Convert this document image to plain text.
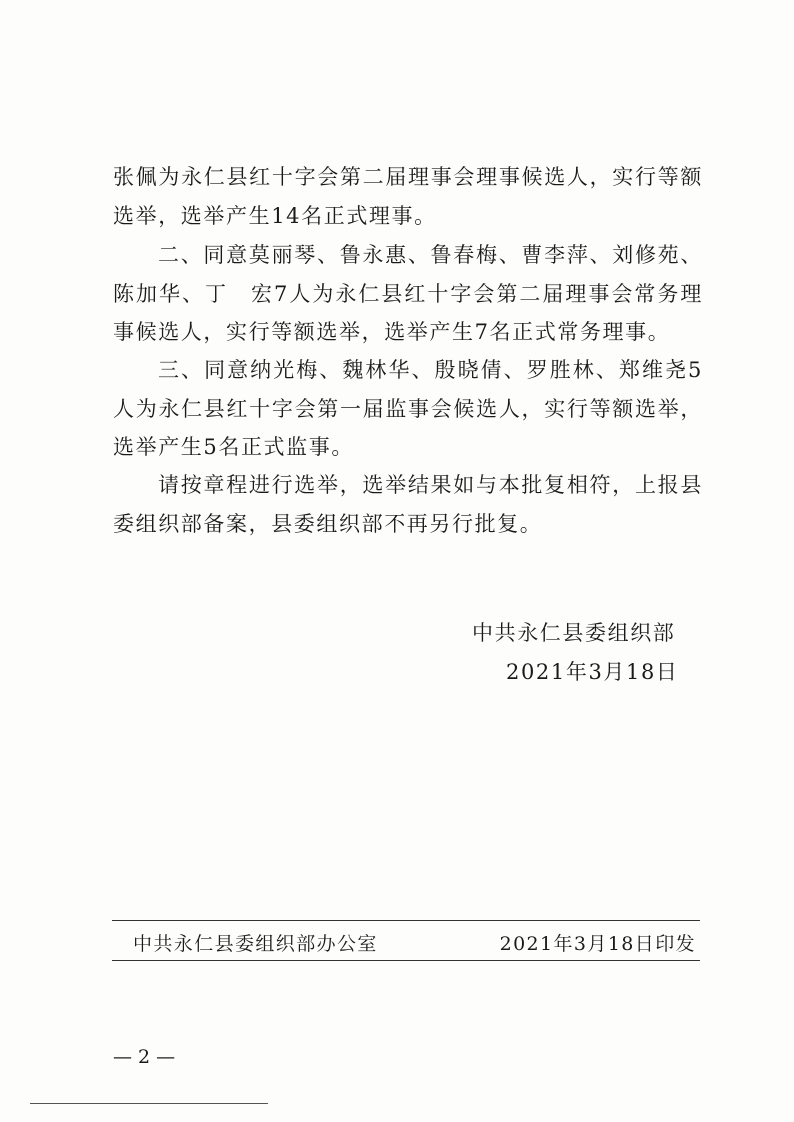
张佩为永仁县红十字会第二届理事会理事候选人，实行等额选举，选举产生14名正式理事。

二、同意莫丽琴、鲁永惠、鲁春梅、曹李萍、刘修苑、陈加华、丁　宏7人为永仁县红十字会第二届理事会常务理事候选人，实行等额选举，选举产生7名正式常务理事。

三、同意纳光梅、魏林华、殷晓倩、罗胜林、郑维尧5人为永仁县红十字会第一届监事会候选人，实行等额选举，选举产生5名正式监事。

请按章程进行选举，选举结果如与本批复相符，上报县委组织部备案，县委组织部不再另行批复。

中共永仁县委组织部
2021年3月18日
中共永仁县委组织部办公室	2021年3月18日印发
— 2 —
